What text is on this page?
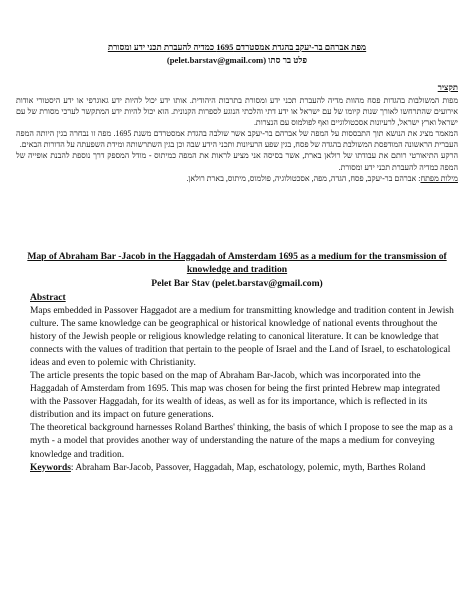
מפת אברהם בר-יעקב בהגדת אמסטרדם 1695 כמדיה להעברת תכני ידע ומסורת
פלט בר סתו (pelet.barstav@gmail.com)
תקציר

מפות המשולבות בהגדות פסח מהוות מדיה להעברת תכני ידע ומסורת בתרבות היהודית. אותו ידע יכול להיות ידע גאוגרפי או ידע היסטורי אודות אירועים שהתרחשו לאורך שנות קיומו של עם ישראל או ידע דתי והלכתי הנוגע לספרות הקנונית. הוא יכול להיות ידע המתקשר לערכי מסורת של עם ישראל וארץ ישראל, לרעיונות אסכטולוגיים ואף לפולמוס עם הנצרות.

המאמר מציג את הנושא תוך התבססות על המפה של אברהם בר-יעקב אשר שולבה בהגדת אמסטרדם משנת 1695. מפה זו נבחרה בגין היותה המפה העברית הראשונה המודפסת המשולבת בהגדה של פסח, בגין שפע הרעיונות ותכני הידע שבה וכן בגין השתרשותה ומידת השפעתה על הדורות הבאים.

הרקע התיאורטי רותם את עבודתו של רולאן בארת, אשר בסיסה אני מציע לראות את המפה כמיתוס - מודל המספק דרך נוספת להבנת אופייה של המפה כמדיה להעברת תכני ידע ומסורת.

מילות מפתח: אברהם בר-יעקב, פסח, הגדה, מפה, אסכטולוגיה, פולמוס, מיתוס, בארת רולאן.

Map of Abraham Bar -Jacob in the Haggadah of Amsterdam 1695 as a medium for the transmission of knowledge and tradition
Pelet Bar Stav (pelet.barstav@gmail.com)
Abstract

Maps embedded in Passover Haggadot are a medium for transmitting knowledge and tradition content in Jewish culture. The same knowledge can be geographical or historical knowledge of national events throughout the history of the Jewish people or religious knowledge relating to canonical literature. It can be knowledge that connects with the values of tradition that pertain to the people of Israel and the Land of Israel, to eschatological ideas and even to polemic with Christianity.

The article presents the topic based on the map of Abraham Bar-Jacob, which was incorporated into the Haggadah of Amsterdam from 1695. This map was chosen for being the first printed Hebrew map integrated with the Passover Haggadah, for its wealth of ideas, as well as for its importance, which is reflected in its distribution and its impact on future generations.

The theoretical background harnesses Roland Barthes' thinking, the basis of which I propose to see the map as a myth - a model that provides another way of understanding the nature of the maps a medium for conveying knowledge and tradition.

Keywords: Abraham Bar-Jacob, Passover, Haggadah, Map, eschatology, polemic, myth, Barthes Roland
